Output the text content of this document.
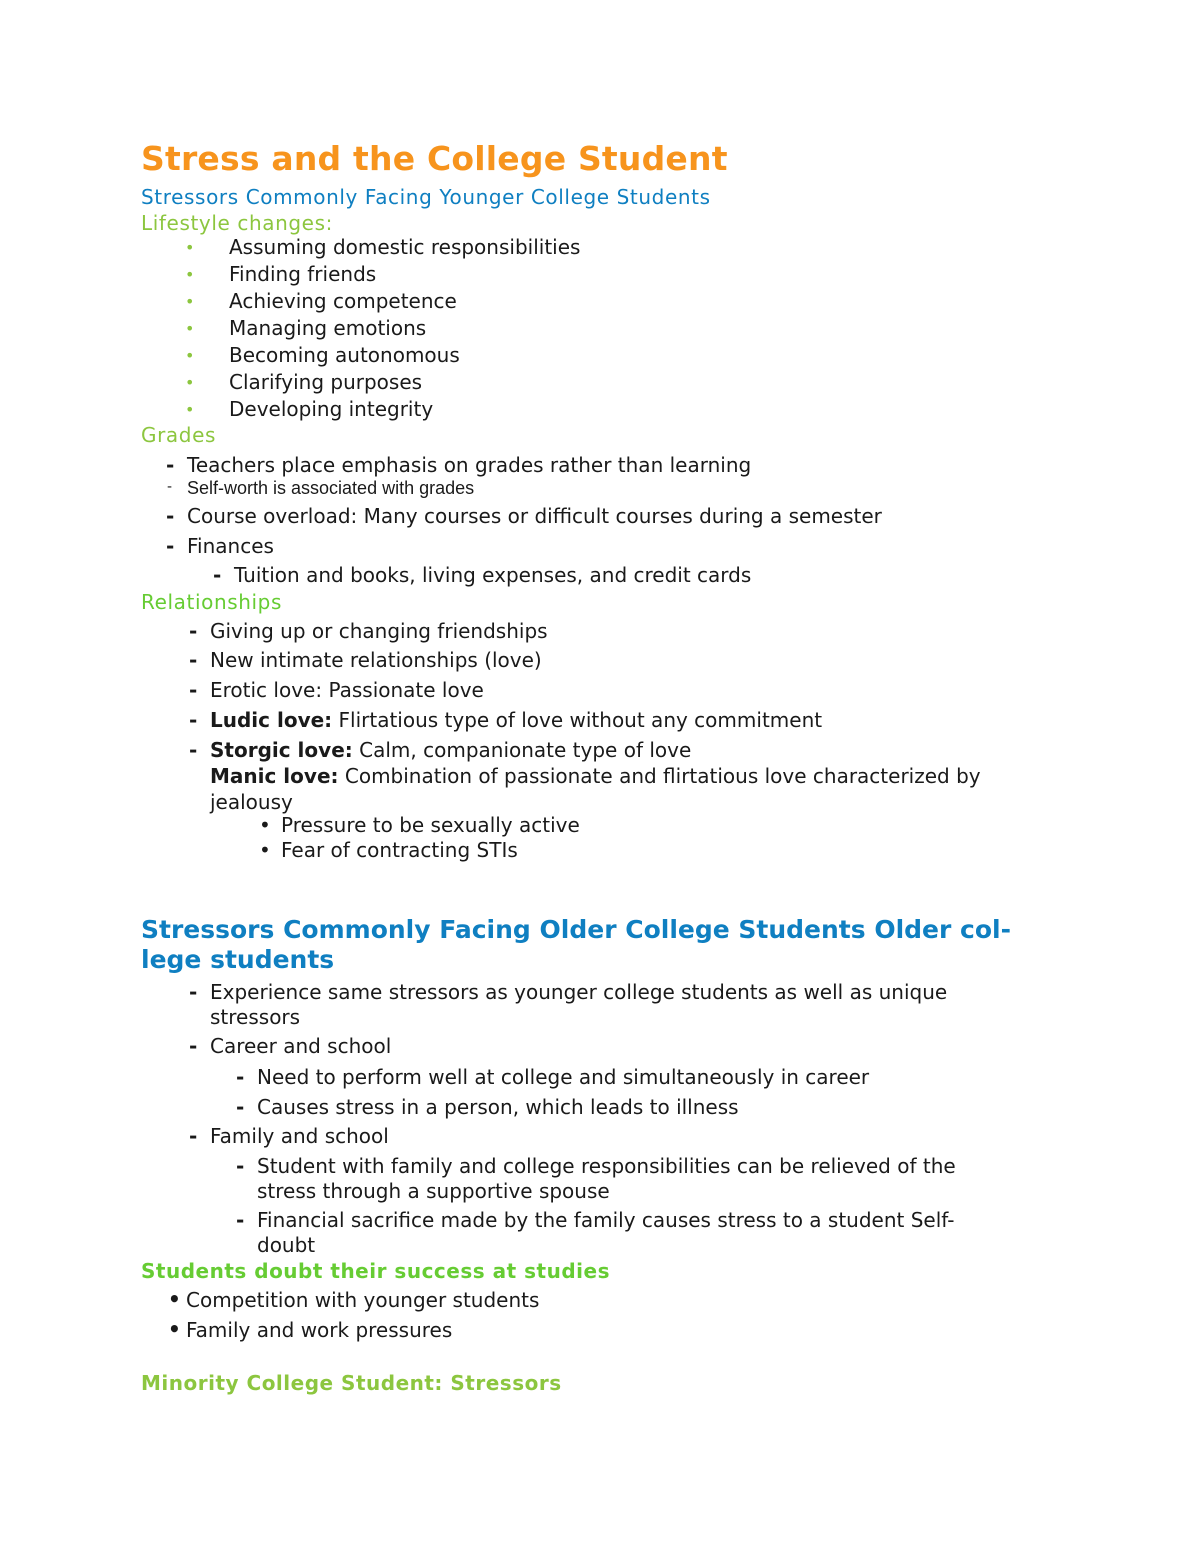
Stress and the College Student
Stressors Commonly Facing Younger College Students
Lifestyle changes:
• Assuming domestic responsibilities
• Finding friends
• Achieving competence
• Managing emotions
• Becoming autonomous
• Clarifying purposes
• Developing integrity
Grades
- Teachers place emphasis on grades rather than learning
- Self-worth is associated with grades
- Course overload: Many courses or difficult courses during a semester
- Finances
- Tuition and books, living expenses, and credit cards
Relationships
- Giving up or changing friendships
- New intimate relationships (love)
- Erotic love: Passionate love
- Ludic love: Flirtatious type of love without any commitment
- Storgic love: Calm, companionate type of love
Manic love: Combination of passionate and flirtatious love characterized by
jealousy
• Pressure to be sexually active
• Fear of contracting STIs
Stressors Commonly Facing Older College Students Older col-
lege students
- Experience same stressors as younger college students as well as unique
stressors
- Career and school
- Need to perform well at college and simultaneously in career
- Causes stress in a person, which leads to illness
- Family and school
- Student with family and college responsibilities can be relieved of the
stress through a supportive spouse
- Financial sacrifice made by the family causes stress to a student Self-
doubt
Students doubt their success at studies
• Competition with younger students
• Family and work pressures
Minority College Student: Stressors
